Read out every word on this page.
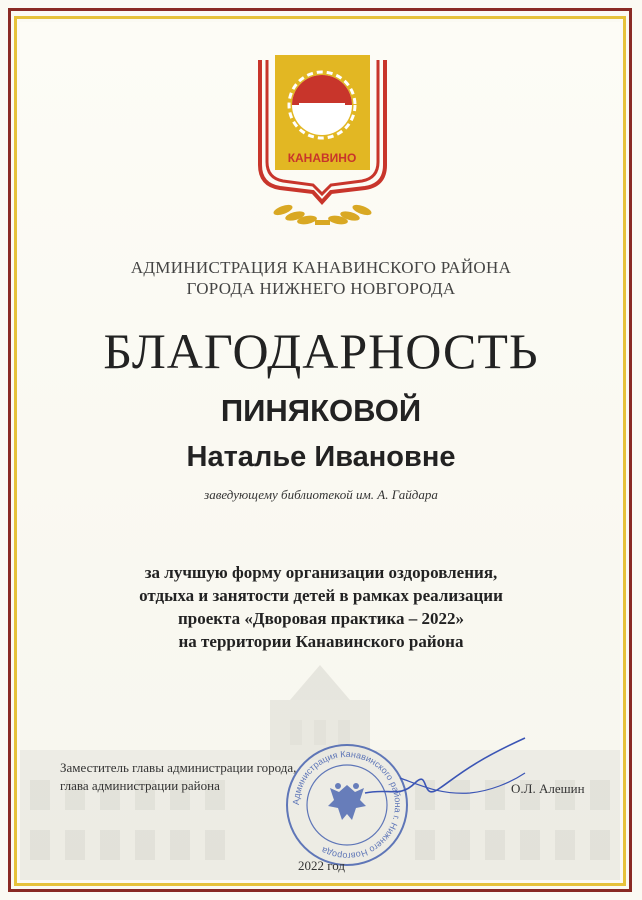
КАНАВИНО
АДМИНИСТРАЦИЯ КАНАВИНСКОГО РАЙОНА
ГОРОДА НИЖНЕГО НОВГОРОДА
БЛАГОДАРНОСТЬ
ПИНЯКОВОЙ
Наталье Ивановне
заведующему библиотекой им. А. Гайдара
за лучшую форму организации оздоровления,
отдыха и занятости детей в рамках реализации
проекта «Дворовая практика – 2022»
на территории Канавинского района
Заместитель главы администрации города,
глава администрации района	О.Л. Алешин
Администрация Канавинского района г. Нижнего Новгорода
2022 год
